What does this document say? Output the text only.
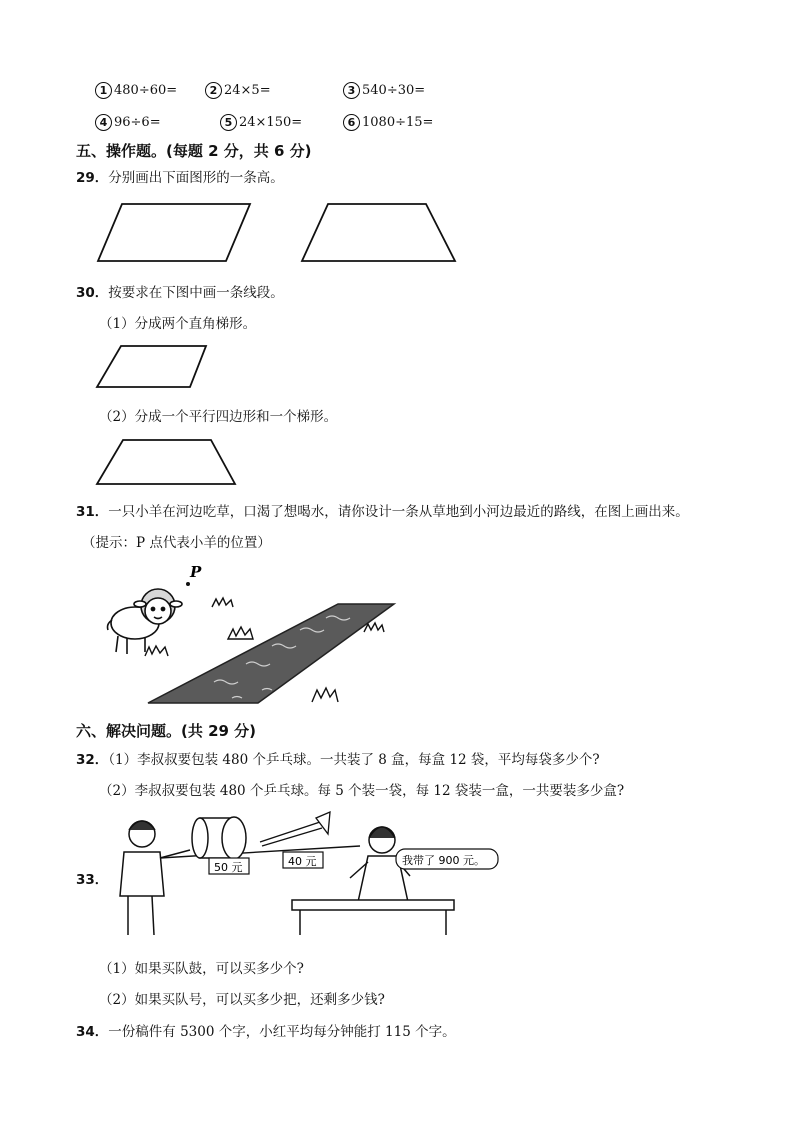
1 480÷60=	2 24×5=	3 540÷30=
4 96÷6=	5 24×150=	6 1080÷15=
五、操作题。(每题 2 分，共 6 分)
29．分别画出下面图形的一条高。
30．按要求在下图中画一条线段。
（1）分成两个直角梯形。
（2）分成一个平行四边形和一个梯形。
31．一只小羊在河边吃草，口渴了想喝水，请你设计一条从草地到小河边最近的路线，在图上画出来。
（提示：P 点代表小羊的位置）
P
六、解决问题。(共 29 分)
32．（1）李叔叔要包装 480 个乒乓球。一共装了 8 盒，每盒 12 袋，平均每袋多少个?
（2）李叔叔要包装 480 个乒乓球。每 5 个装一袋，每 12 袋装一盒，一共要装多少盒?
33．
50 元	40 元	我带了 900 元。
（1）如果买队鼓，可以买多少个?
（2）如果买队号，可以买多少把，还剩多少钱?
34．一份稿件有 5300 个字，小红平均每分钟能打 115 个字。
